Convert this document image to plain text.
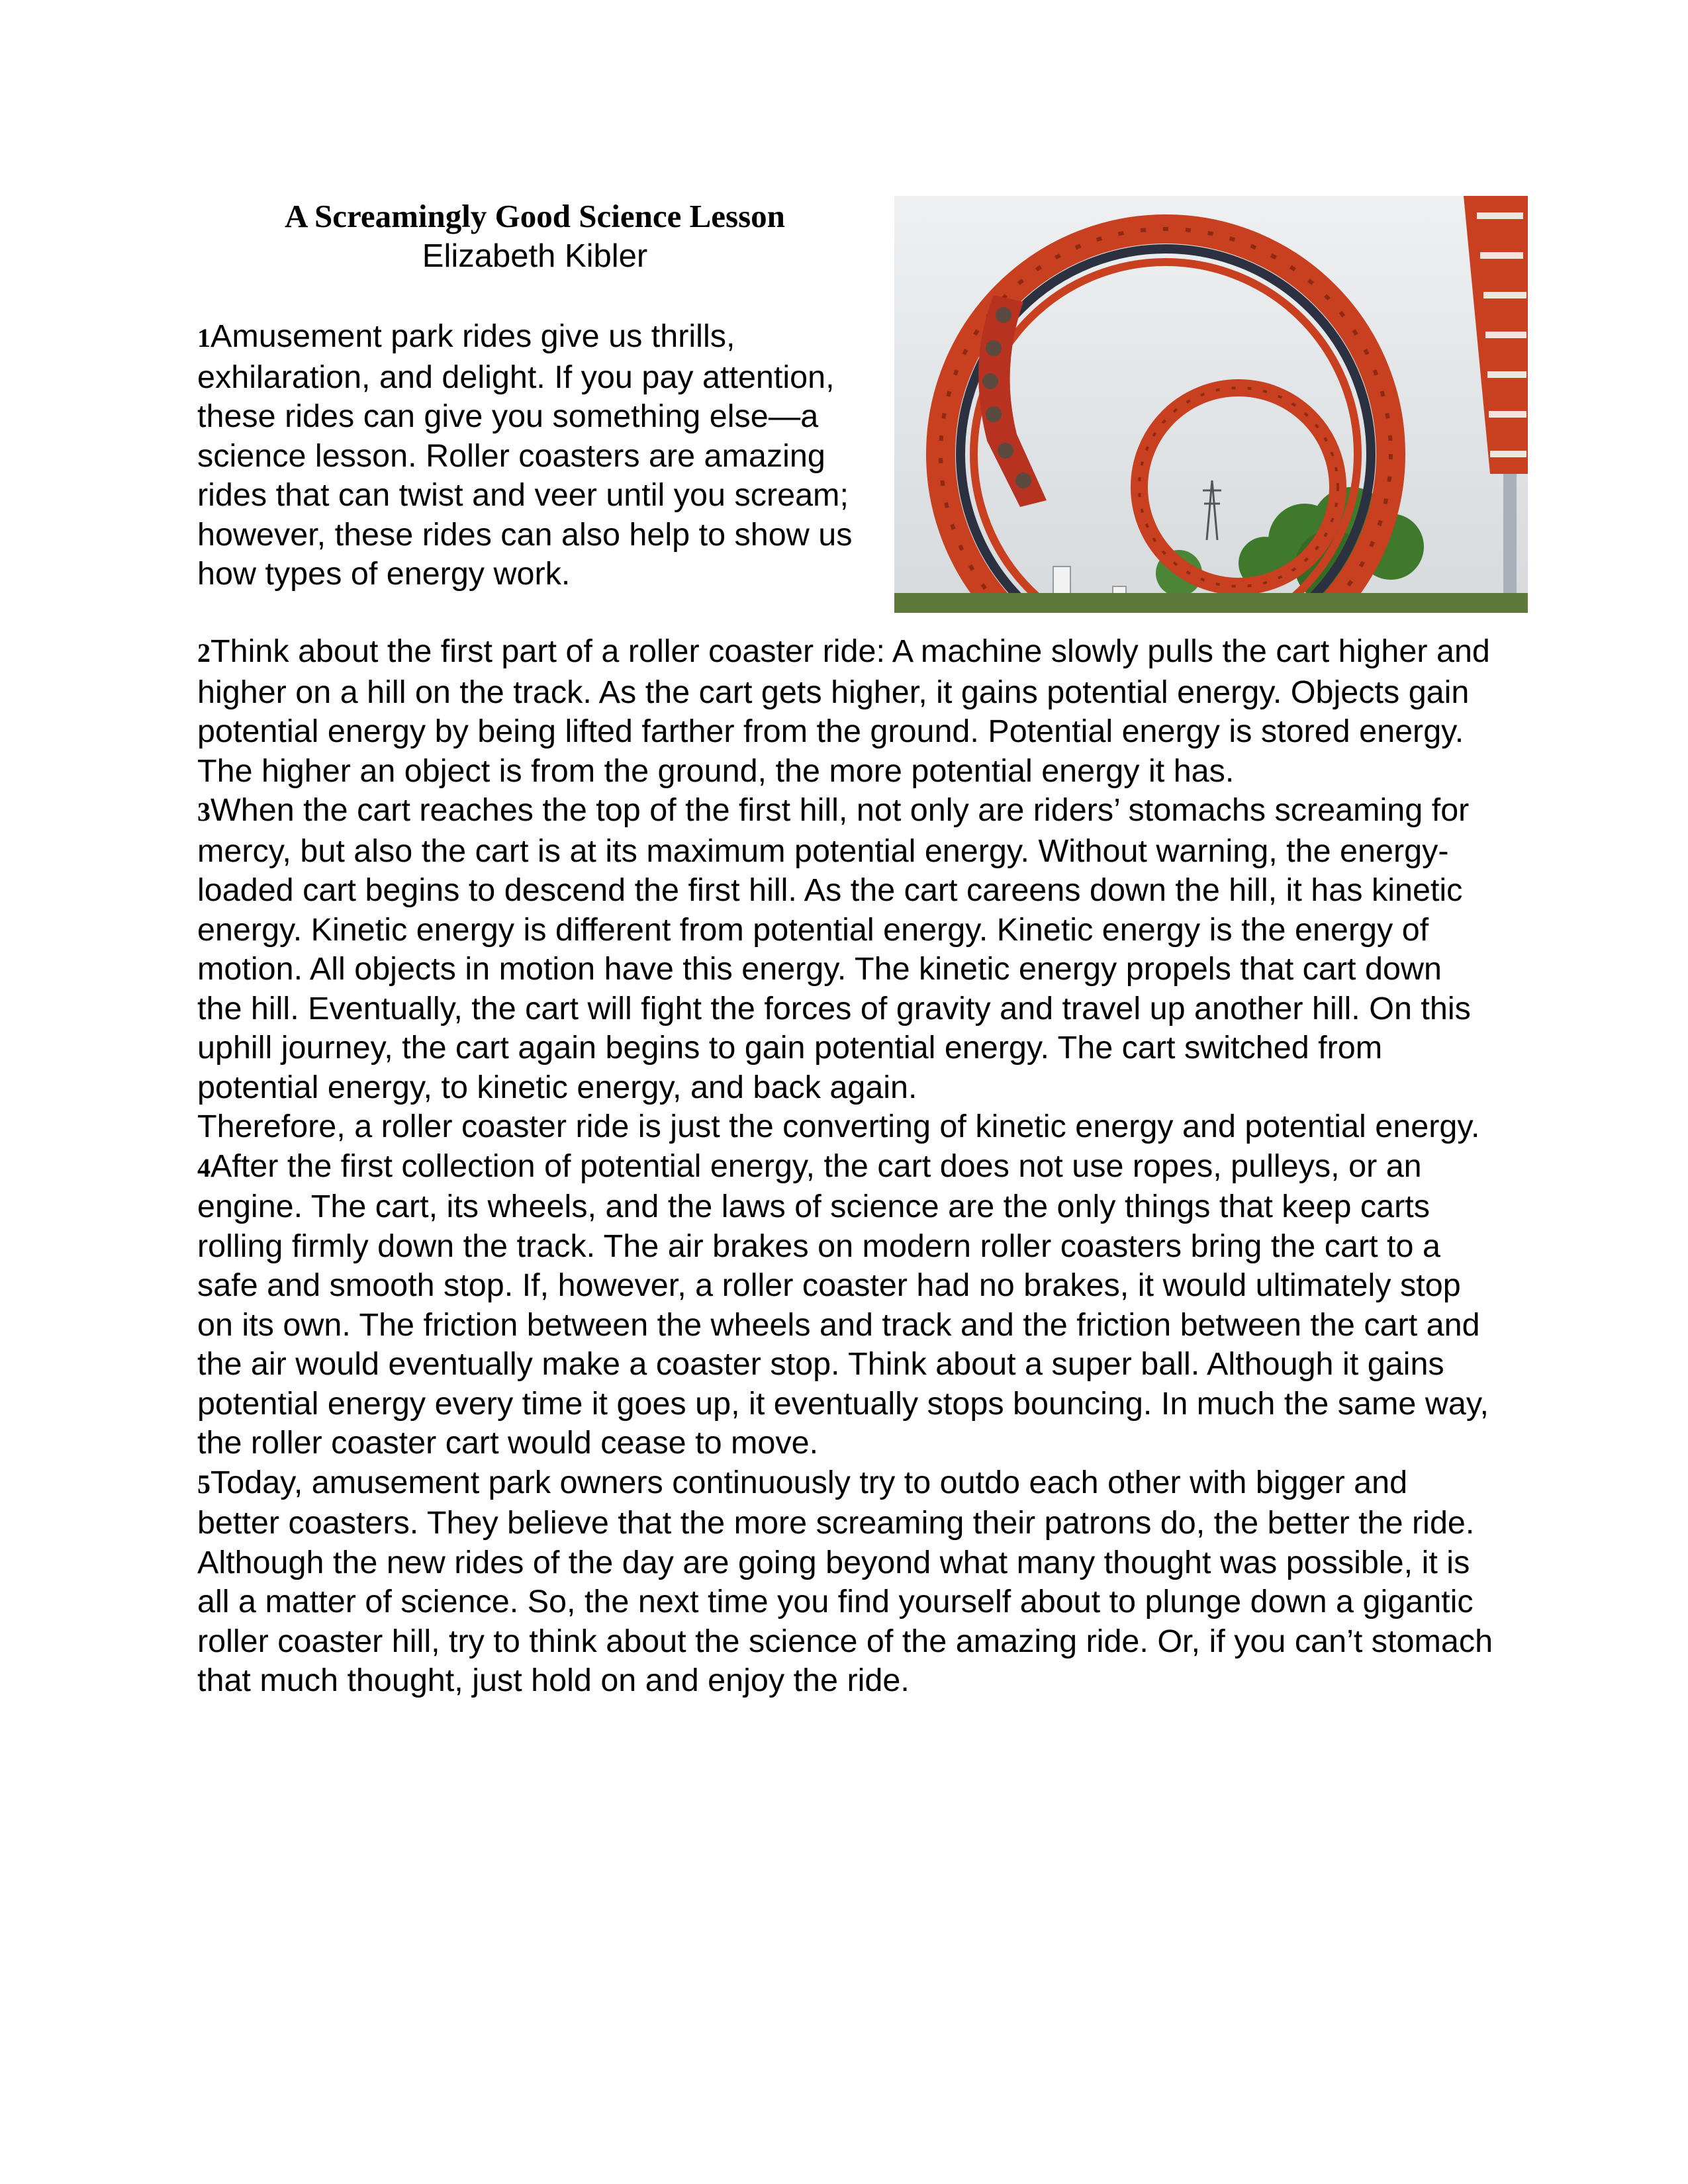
A Screamingly Good Science Lesson
Elizabeth Kibler

1Amusement park rides give us thrills, exhilaration, and delight. If you pay attention, these rides can give you something else—a science lesson. Roller coasters are amazing rides that can twist and veer until you scream; however, these rides can also help to show us how types of energy work.

2Think about the first part of a roller coaster ride: A machine slowly pulls the cart higher and higher on a hill on the track. As the cart gets higher, it gains potential energy. Objects gain potential energy by being lifted farther from the ground. Potential energy is stored energy. The higher an object is from the ground, the more potential energy it has.

3When the cart reaches the top of the first hill, not only are riders’ stomachs screaming for mercy, but also the cart is at its maximum potential energy. Without warning, the energy-loaded cart begins to descend the first hill. As the cart careens down the hill, it has kinetic energy. Kinetic energy is different from potential energy. Kinetic energy is the energy of motion. All objects in motion have this energy. The kinetic energy propels that cart down the hill. Eventually, the cart will fight the forces of gravity and travel up another hill. On this uphill journey, the cart again begins to gain potential energy. The cart switched from potential energy, to kinetic energy, and back again.

Therefore, a roller coaster ride is just the converting of kinetic energy and potential energy.

4After the first collection of potential energy, the cart does not use ropes, pulleys, or an engine. The cart, its wheels, and the laws of science are the only things that keep carts rolling firmly down the track. The air brakes on modern roller coasters bring the cart to a safe and smooth stop. If, however, a roller coaster had no brakes, it would ultimately stop on its own. The friction between the wheels and track and the friction between the cart and the air would eventually make a coaster stop. Think about a super ball. Although it gains potential energy every time it goes up, it eventually stops bouncing. In much the same way, the roller coaster cart would cease to move.

5Today, amusement park owners continuously try to outdo each other with bigger and better coasters. They believe that the more screaming their patrons do, the better the ride. Although the new rides of the day are going beyond what many thought was possible, it is all a matter of science. So, the next time you find yourself about to plunge down a gigantic roller coaster hill, try to think about the science of the amazing ride. Or, if you can’t stomach that much thought, just hold on and enjoy the ride.
